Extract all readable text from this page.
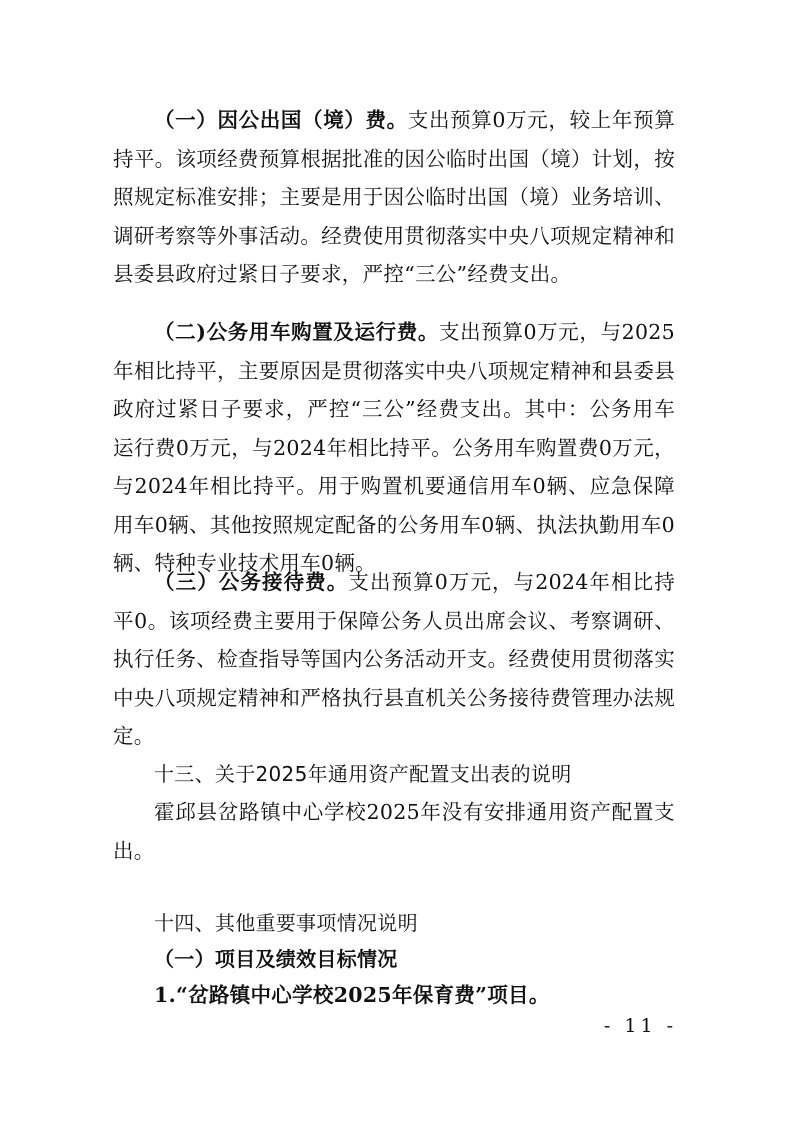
（一）因公出国（境）费。支出预算0万元，较上年预算持平。该项经费预算根据批准的因公临时出国（境）计划，按照规定标准安排；主要是用于因公临时出国（境）业务培训、调研考察等外事活动。经费使用贯彻落实中央八项规定精神和县委县政府过紧日子要求，严控“三公”经费支出。

（二)公务用车购置及运行费。支出预算0万元，与2025年相比持平，主要原因是贯彻落实中央八项规定精神和县委县政府过紧日子要求，严控“三公”经费支出。其中：公务用车运行费0万元，与2024年相比持平。公务用车购置费0万元，与2024年相比持平。用于购置机要通信用车0辆、应急保障用车0辆、其他按照规定配备的公务用车0辆、执法执勤用车0辆、特种专业技术用车0辆。

（三）公务接待费。支出预算0万元，与2024年相比持平0。该项经费主要用于保障公务人员出席会议、考察调研、执行任务、检查指导等国内公务活动开支。经费使用贯彻落实中央八项规定精神和严格执行县直机关公务接待费管理办法规定。

十三、关于2025年通用资产配置支出表的说明

霍邱县岔路镇中心学校2025年没有安排通用资产配置支出。

十四、其他重要事项情况说明

（一）项目及绩效目标情况

1.“岔路镇中心学校2025年保育费”项目。

- 11 -
